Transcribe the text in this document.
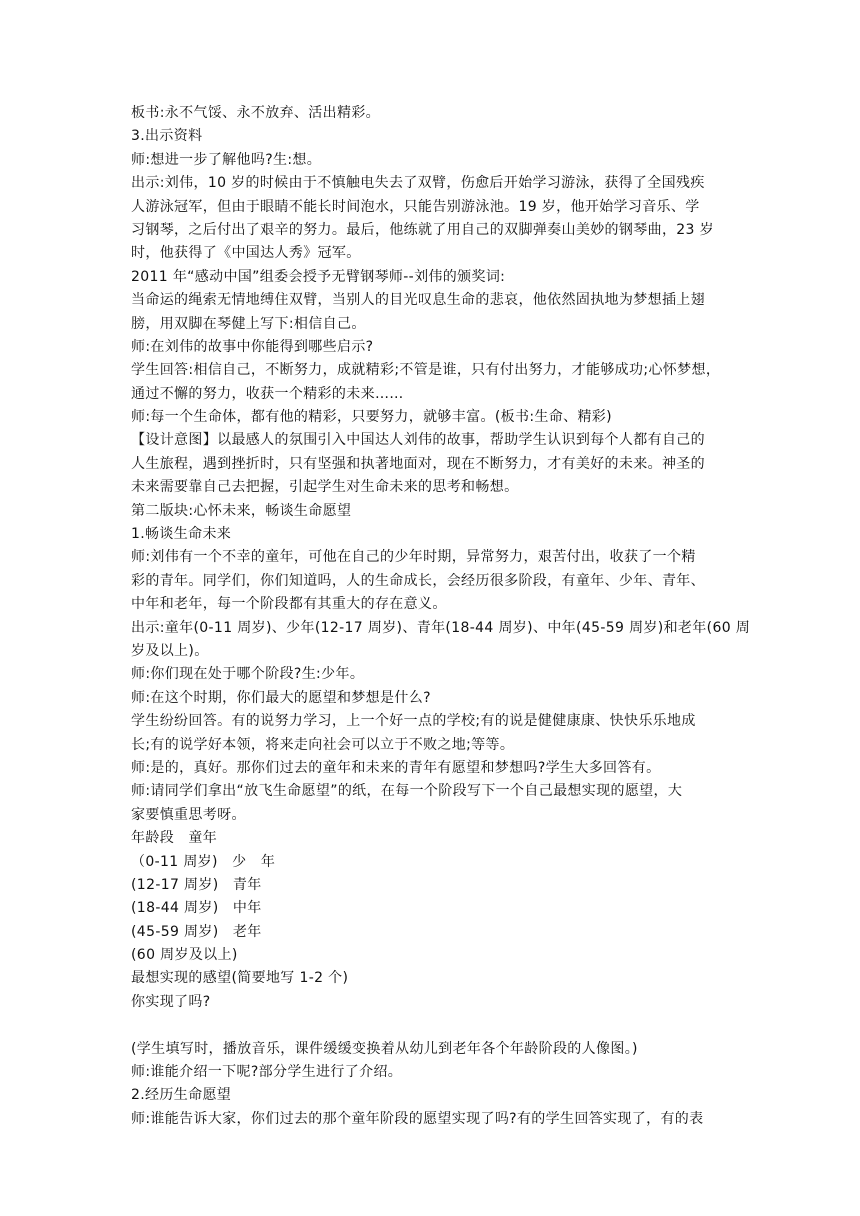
板书:永不气馁、永不放弃、活出精彩。
3.出示资料
师:想进一步了解他吗?生:想。
出示:刘伟，10 岁的时候由于不慎触电失去了双臂，伤愈后开始学习游泳，获得了全国残疾
人游泳冠军，但由于眼睛不能长时间泡水，只能告别游泳池。19 岁，他开始学习音乐、学
习钢琴，之后付出了艰辛的努力。最后，他练就了用自己的双脚弹奏山美妙的钢琴曲，23 岁
时，他获得了《中国达人秀》冠军。
2011 年“感动中国”组委会授予无臂钢琴师--刘伟的颁奖词:
当命运的绳索无情地缚住双臂，当别人的目光叹息生命的悲哀，他依然固执地为梦想插上翅
膀，用双脚在琴健上写下:相信自己。
师:在刘伟的故事中你能得到哪些启示?
学生回答:相信自己，不断努力，成就精彩;不管是谁，只有付出努力，才能够成功;心怀梦想，
通过不懈的努力，收获一个精彩的未来……
师:每一个生命体，都有他的精彩，只要努力，就够丰富。(板书:生命、精彩)
【设计意图】以最感人的氛围引入中国达人刘伟的故事，帮助学生认识到每个人都有自己的
人生旅程，遇到挫折时，只有坚强和执著地面对，现在不断努力，才有美好的未来。神圣的
未来需要靠自己去把握，引起学生对生命未来的思考和畅想。
第二版块:心怀未来，畅谈生命愿望
1.畅谈生命未来
师:刘伟有一个不幸的童年，可他在自己的少年时期，异常努力，艰苦付出，收获了一个精
彩的青年。同学们，你们知道吗，人的生命成长，会经历很多阶段，有童年、少年、青年、
中年和老年，每一个阶段都有其重大的存在意义。
出示:童年(0-11 周岁)、少年(12-17 周岁)、青年(18-44 周岁)、中年(45-59 周岁)和老年(60 周
岁及以上)。
师:你们现在处于哪个阶段?生:少年。
师:在这个时期，你们最大的愿望和梦想是什么?
学生纷纷回答。有的说努力学习，上一个好一点的学校;有的说是健健康康、快快乐乐地成
长;有的说学好本领，将来走向社会可以立于不败之地;等等。
师:是的，真好。那你们过去的童年和未来的青年有愿望和梦想吗?学生大多回答有。
师:请同学们拿出“放飞生命愿望”的纸，在每一个阶段写下一个自己最想实现的愿望，大
家要慎重思考呀。
年龄段　童年
（0-11 周岁)　少　年
(12-17 周岁)　青年
(18-44 周岁)　中年
(45-59 周岁)　老年
(60 周岁及以上)
最想实现的感望(简要地写 1-2 个)
你实现了吗?
(学生填写时，播放音乐，课件缓缓变换着从幼儿到老年各个年龄阶段的人像图。)
师:谁能介绍一下呢?部分学生进行了介绍。
2.经历生命愿望
师:谁能告诉大家，你们过去的那个童年阶段的愿望实现了吗?有的学生回答实现了，有的表
